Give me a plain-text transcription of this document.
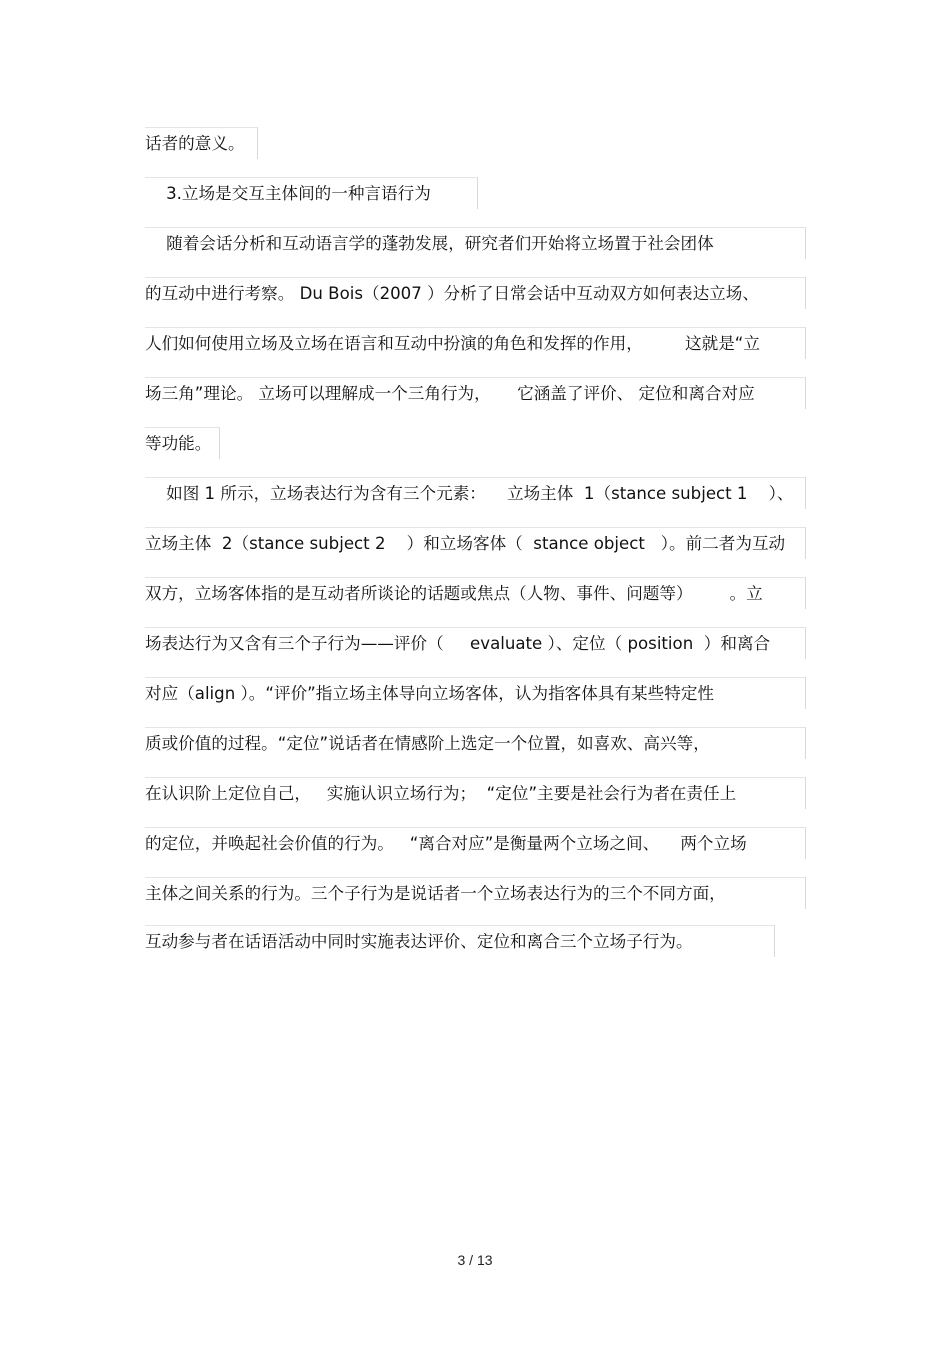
话者的意义。
3.立场是交互主体间的一种言语行为
随着会话分析和互动语言学的蓬勃发展，研究者们开始将立场置于社会团体
的互动中进行考察。 Du Bois（2007 ）分析了日常会话中互动双方如何表达立场、
人们如何使用立场及立场在语言和互动中扮演的角色和发挥的作用，        这就是“立
场三角”理论。 立场可以理解成一个三角行为，     它涵盖了评价、 定位和离合对应
等功能。
如图 1 所示，立场表达行为含有三个元素：    立场主体  1（stance subject 1    ）、
立场主体  2（stance subject 2    ）和立场客体（  stance object   ）。前二者为互动
双方，立场客体指的是互动者所谈论的话题或焦点（人物、事件、问题等）       。立
场表达行为又含有三个子行为——评价（     evaluate ）、定位（ position  ）和离合
对应（align ）。“评价”指立场主体导向立场客体，认为指客体具有某些特定性
质或价值的过程。“定位”说话者在情感阶上选定一个位置，如喜欢、高兴等，
在认识阶上定位自己，   实施认识立场行为；  “定位”主要是社会行为者在责任上
的定位，并唤起社会价值的行为。   “离合对应”是衡量两个立场之间、    两个立场
主体之间关系的行为。三个子行为是说话者一个立场表达行为的三个不同方面，
互动参与者在话语活动中同时实施表达评价、定位和离合三个立场子行为。
3 / 13
